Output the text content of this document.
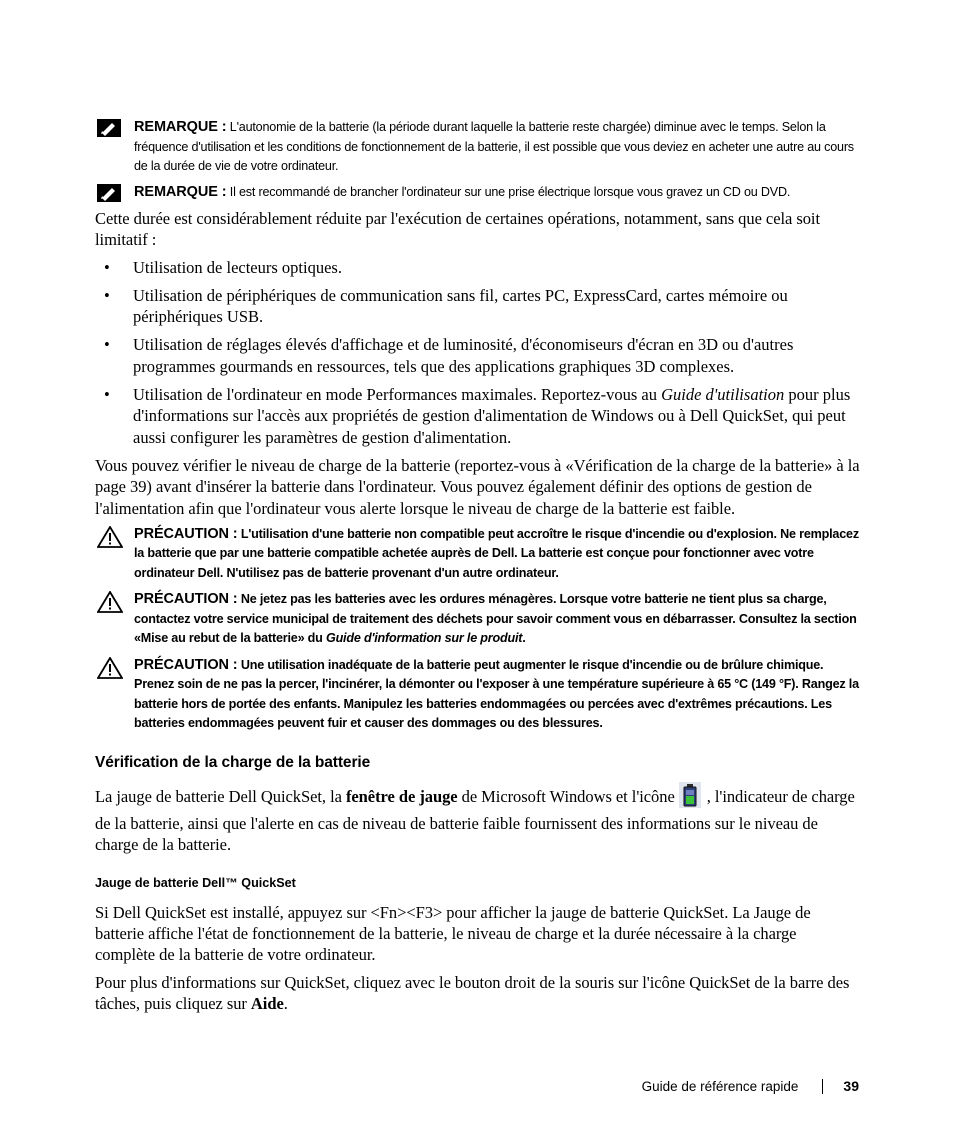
REMARQUE : L'autonomie de la batterie (la période durant laquelle la batterie reste chargée) diminue avec le temps. Selon la fréquence d'utilisation et les conditions de fonctionnement de la batterie, il est possible que vous deviez en acheter une autre au cours de la durée de vie de votre ordinateur.
REMARQUE : Il est recommandé de brancher l'ordinateur sur une prise électrique lorsque vous gravez un CD ou DVD.

Cette durée est considérablement réduite par l'exécution de certaines opérations, notamment, sans que cela soit limitatif :

• Utilisation de lecteurs optiques.
• Utilisation de périphériques de communication sans fil, cartes PC, ExpressCard, cartes mémoire ou périphériques USB.
• Utilisation de réglages élevés d'affichage et de luminosité, d'économiseurs d'écran en 3D ou d'autres programmes gourmands en ressources, tels que des applications graphiques 3D complexes.
• Utilisation de l'ordinateur en mode Performances maximales. Reportez-vous au Guide d'utilisation pour plus d'informations sur l'accès aux propriétés de gestion d'alimentation de Windows ou à Dell QuickSet, qui peut aussi configurer les paramètres de gestion d'alimentation.

Vous pouvez vérifier le niveau de charge de la batterie (reportez-vous à «Vérification de la charge de la batterie» à la page 39) avant d'insérer la batterie dans l'ordinateur. Vous pouvez également définir des options de gestion de l'alimentation afin que l'ordinateur vous alerte lorsque le niveau de charge de la batterie est faible.

PRÉCAUTION : L'utilisation d'une batterie non compatible peut accroître le risque d'incendie ou d'explosion. Ne remplacez la batterie que par une batterie compatible achetée auprès de Dell. La batterie est conçue pour fonctionner avec votre ordinateur Dell. N'utilisez pas de batterie provenant d'un autre ordinateur.
PRÉCAUTION : Ne jetez pas les batteries avec les ordures ménagères. Lorsque votre batterie ne tient plus sa charge, contactez votre service municipal de traitement des déchets pour savoir comment vous en débarrasser. Consultez la section «Mise au rebut de la batterie» du Guide d'information sur le produit.
PRÉCAUTION : Une utilisation inadéquate de la batterie peut augmenter le risque d'incendie ou de brûlure chimique. Prenez soin de ne pas la percer, l'incinérer, la démonter ou l'exposer à une température supérieure à 65 °C (149 °F). Rangez la batterie hors de portée des enfants. Manipulez les batteries endommagées ou percées avec d'extrêmes précautions. Les batteries endommagées peuvent fuir et causer des dommages ou des blessures.
Vérification de la charge de la batterie

La jauge de batterie Dell QuickSet, la fenêtre de jauge de Microsoft Windows et l'icône , l'indicateur de charge de la batterie, ainsi que l'alerte en cas de niveau de batterie faible fournissent des informations sur le niveau de charge de la batterie.

Jauge de batterie Dell™ QuickSet

Si Dell QuickSet est installé, appuyez sur <Fn><F3> pour afficher la jauge de batterie QuickSet. La Jauge de batterie affiche l'état de fonctionnement de la batterie, le niveau de charge et la durée nécessaire à la charge complète de la batterie de votre ordinateur.

Pour plus d'informations sur QuickSet, cliquez avec le bouton droit de la souris sur l'icône QuickSet de la barre des tâches, puis cliquez sur Aide.

Guide de référence rapide	39
